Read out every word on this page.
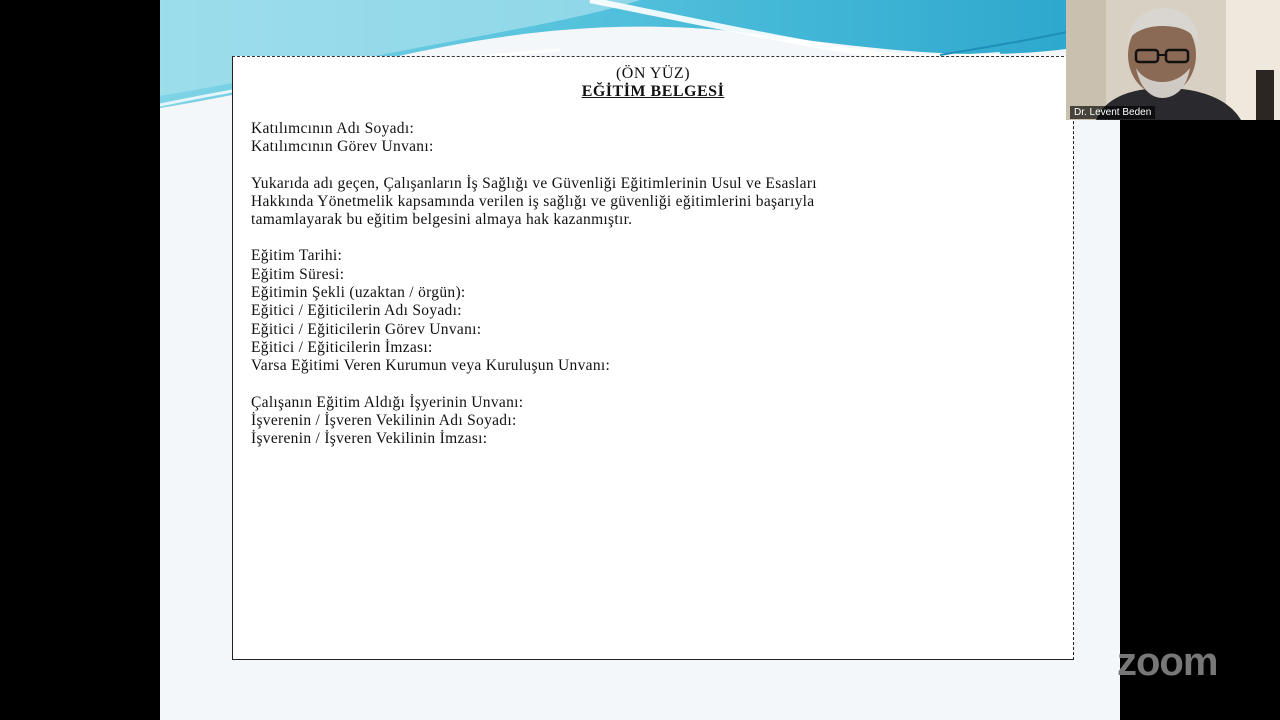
(ÖN YÜZ)
EĞİTİM BELGESİ

Katılımcının Adı Soyadı:

Katılımcının Görev Unvanı:

Yukarıda adı geçen, Çalışanların İş Sağlığı ve Güvenliği Eğitimlerinin Usul ve Esasları

Hakkında Yönetmelik kapsamında verilen iş sağlığı ve güvenliği eğitimlerini başarıyla

tamamlayarak bu eğitim belgesini almaya hak kazanmıştır.

Eğitim Tarihi:

Eğitim Süresi:

Eğitimin Şekli (uzaktan / örgün):

Eğitici / Eğiticilerin Adı Soyadı:

Eğitici / Eğiticilerin Görev Unvanı:

Eğitici / Eğiticilerin İmzası:

Varsa Eğitimi Veren Kurumun veya Kuruluşun Unvanı:

Çalışanın Eğitim Aldığı İşyerinin Unvanı:

İşverenin / İşveren Vekilinin Adı Soyadı:

İşverenin / İşveren Vekilinin İmzası:

Dr. Levent Beden
zoom
